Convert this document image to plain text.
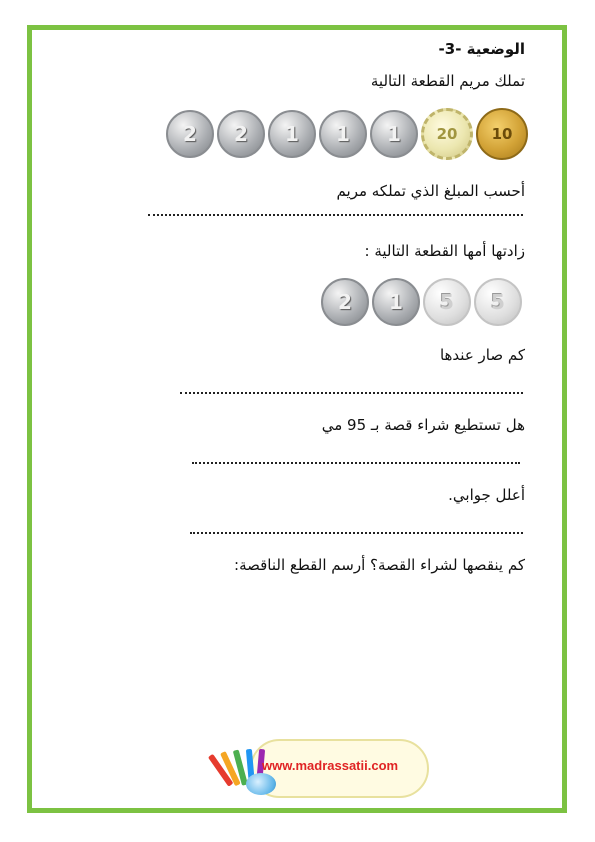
الوضعية -3-
تملك مريم القطعة التالية
2	2	1	1	1	20	10
أحسب المبلغ الذي تملكه مريم
زادتها أمها القطعة التالية :
2	1	5	5
كم صار عندها
هل تستطيع شراء قصة بـ 95 مي
أعلل جوابي.
كم ينقصها لشراء القصة؟ أرسم القطع الناقصة:
www.madrassatii.com
